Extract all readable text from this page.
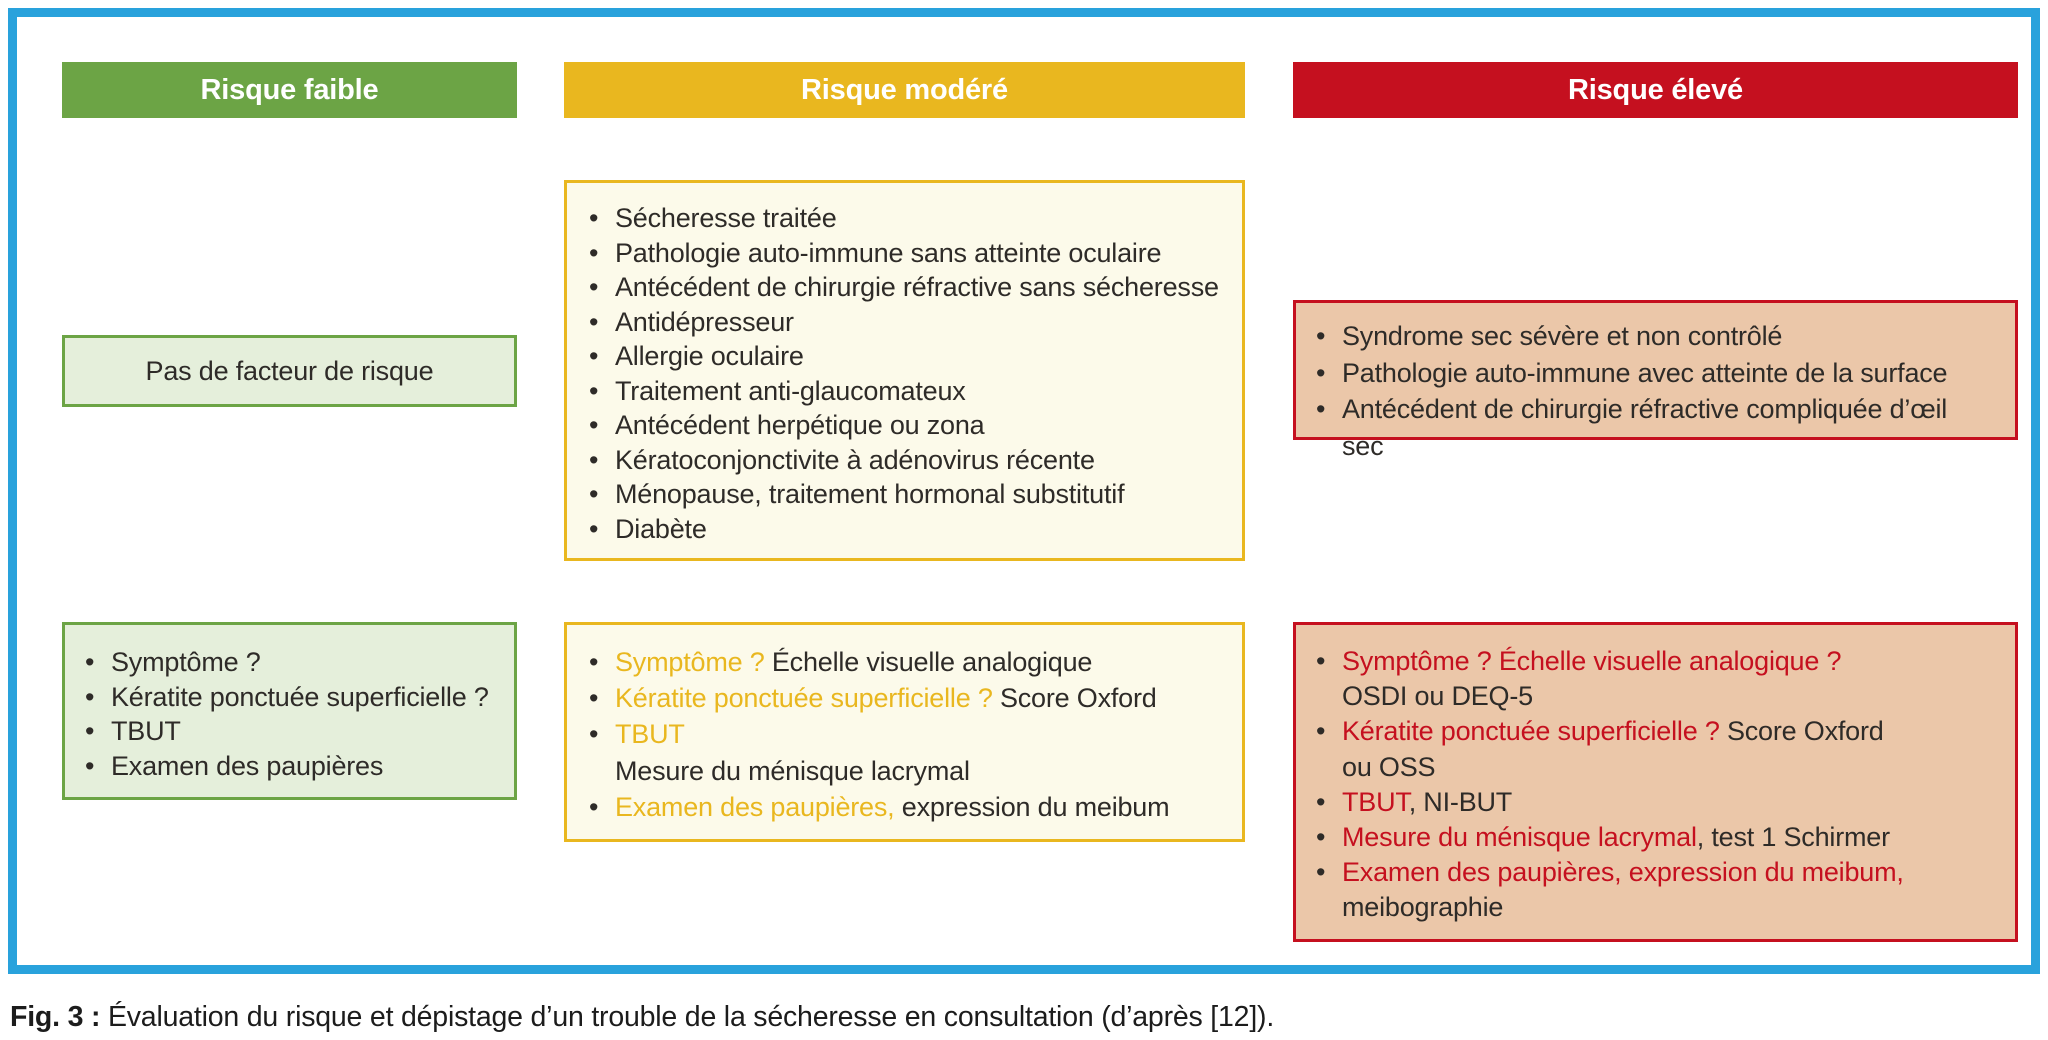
Risque faible
Pas de facteur de risque
• Symptôme ?
• Kératite ponctuée superficielle ?
• TBUT
• Examen des paupières
Risque modéré
• Sécheresse traitée
• Pathologie auto-immune sans atteinte oculaire
• Antécédent de chirurgie réfractive sans sécheresse
• Antidépresseur
• Allergie oculaire
• Traitement anti-glaucomateux
• Antécédent herpétique ou zona
• Kératoconjonctivite à adénovirus récente
• Ménopause, traitement hormonal substitutif
• Diabète
• Symptôme ? Échelle visuelle analogique
• Kératite ponctuée superficielle ? Score Oxford
• TBUT
Mesure du ménisque lacrymal
• Examen des paupières, expression du meibum
Risque élevé
• Syndrome sec sévère et non contrôlé
• Pathologie auto-immune avec atteinte de la surface
• Antécédent de chirurgie réfractive compliquée d’œil sec
• Symptôme ? Échelle visuelle analogique ?
OSDI ou DEQ-5
• Kératite ponctuée superficielle ? Score Oxford
ou OSS
• TBUT, NI-BUT
• Mesure du ménisque lacrymal, test 1 Schirmer
• Examen des paupières, expression du meibum,
meibographie

Fig. 3 : Évaluation du risque et dépistage d’un trouble de la sécheresse en consultation (d’après [12]).
